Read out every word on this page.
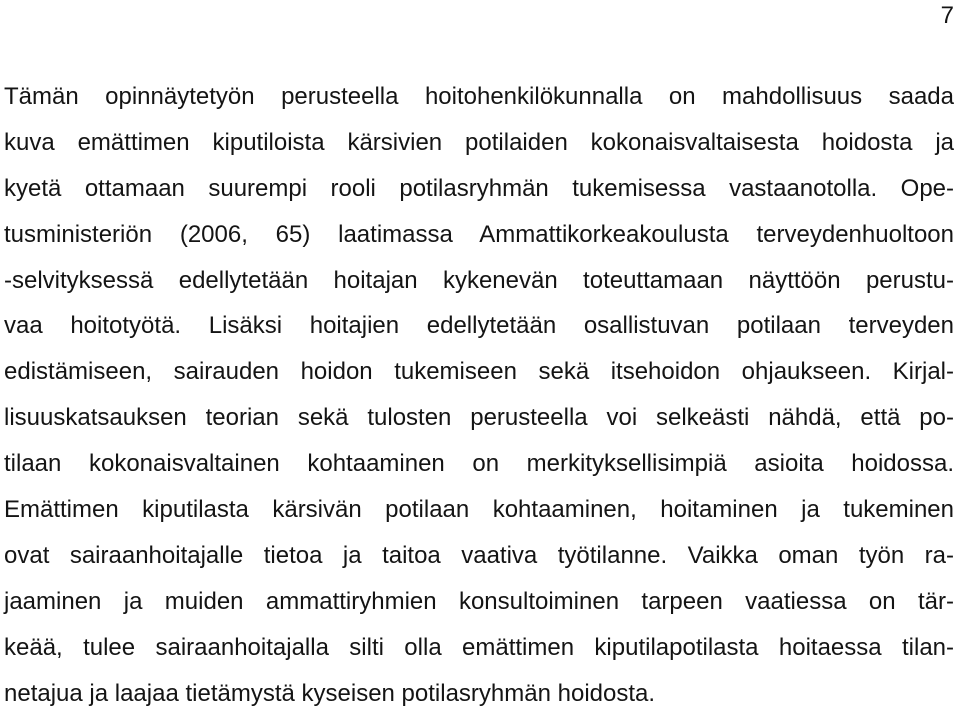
7
Tämän opinnäytetyön perusteella hoitohenkilökunnalla on mahdollisuus saada
kuva emättimen kiputiloista kärsivien potilaiden kokonaisvaltaisesta hoidosta ja
kyetä ottamaan suurempi rooli potilasryhmän tukemisessa vastaanotolla. Ope-
tusministeriön (2006, 65) laatimassa Ammattikorkeakoulusta terveydenhuoltoon
-selvityksessä edellytetään hoitajan kykenevän toteuttamaan näyttöön perustu-
vaa hoitotyötä. Lisäksi hoitajien edellytetään osallistuvan potilaan terveyden
edistämiseen, sairauden hoidon tukemiseen sekä itsehoidon ohjaukseen. Kirjal-
lisuuskatsauksen teorian sekä tulosten perusteella voi selkeästi nähdä, että po-
tilaan kokonaisvaltainen kohtaaminen on merkityksellisimpiä asioita hoidossa.
Emättimen kiputilasta kärsivän potilaan kohtaaminen, hoitaminen ja tukeminen
ovat sairaanhoitajalle tietoa ja taitoa vaativa työtilanne. Vaikka oman työn ra-
jaaminen ja muiden ammattiryhmien konsultoiminen tarpeen vaatiessa on tär-
keää, tulee sairaanhoitajalla silti olla emättimen kiputilapotilasta hoitaessa tilan-
netajua ja laajaa tietämystä kyseisen potilasryhmän hoidosta.
